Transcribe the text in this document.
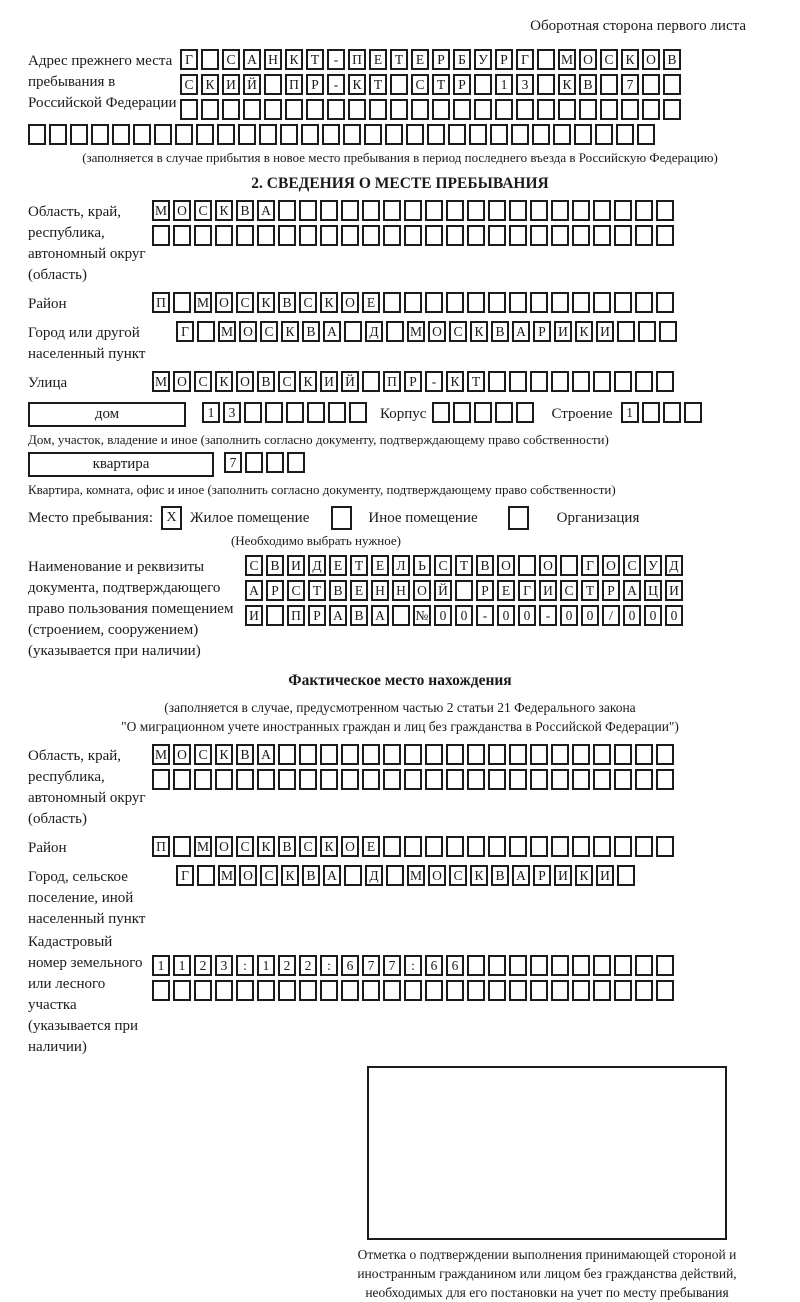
Оборотная сторона первого листа
Адрес прежнего места пребывания в Российской Федерации
Г	С А Н К Т	-	П Е Т Е Р Б У Р Г	М О С К О В
С К И Й	П Р	-	К Т	С Т Р	1	3	К В	7
(заполняется в случае прибытия в новое место пребывания в период последнего въезда в Российскую Федерацию)
2. СВЕДЕНИЯ О МЕСТЕ ПРЕБЫВАНИЯ
Область, край, республика, автономный округ (область)
М О С К В А
Район	П	М О С К В С К О Е
Город или другой населенный пункт
Г	М О С К В А	Д	М О С К В А Р И К И
Улица	М О С К О В С К И Й	П Р	-	К Т
дом	1	3	Корпус	Строение	1
Дом, участок, владение и иное (заполнить согласно документу, подтверждающему право собственности)
квартира	7
Квартира, комната, офис и иное (заполнить согласно документу, подтверждающему право собственности)
Место пребывания: X Жилое помещение	Иное помещение	Организация
(Необходимо выбрать нужное)
Наименование и реквизиты документа, подтверждающего право пользования помещением (строением, сооружением) (указывается при наличии)
С В И Д Е Т Е Л Ь С Т В О	О	Г О С У Д
А Р С Т В Е Н Н О Й	Р Е Г И С Т Р А Ц И
И	П Р А В А	№ 0	0	-	0	0	-	0	0	/	0	0	0
Фактическое место нахождения
(заполняется в случае, предусмотренном частью 2 статьи 21 Федерального закона
"О миграционном учете иностранных граждан и лиц без гражданства в Российской Федерации")
Область, край, республика, автономный округ (область)
М О С К В А
Район	П	М О С К В С К О Е
Город, сельское поселение, иной населенный пункт
Г	М О С К В А	Д	М О С К В А Р И К И
Кадастровый номер земельного или лесного участка (указывается при наличии)
1	1	2	3	:	1	2	2	:	6	7	7	:	6	6
Отметка о подтверждении выполнения принимающей стороной и иностранным гражданином или лицом без гражданства действий, необходимых для его постановки на учет по месту пребывания
